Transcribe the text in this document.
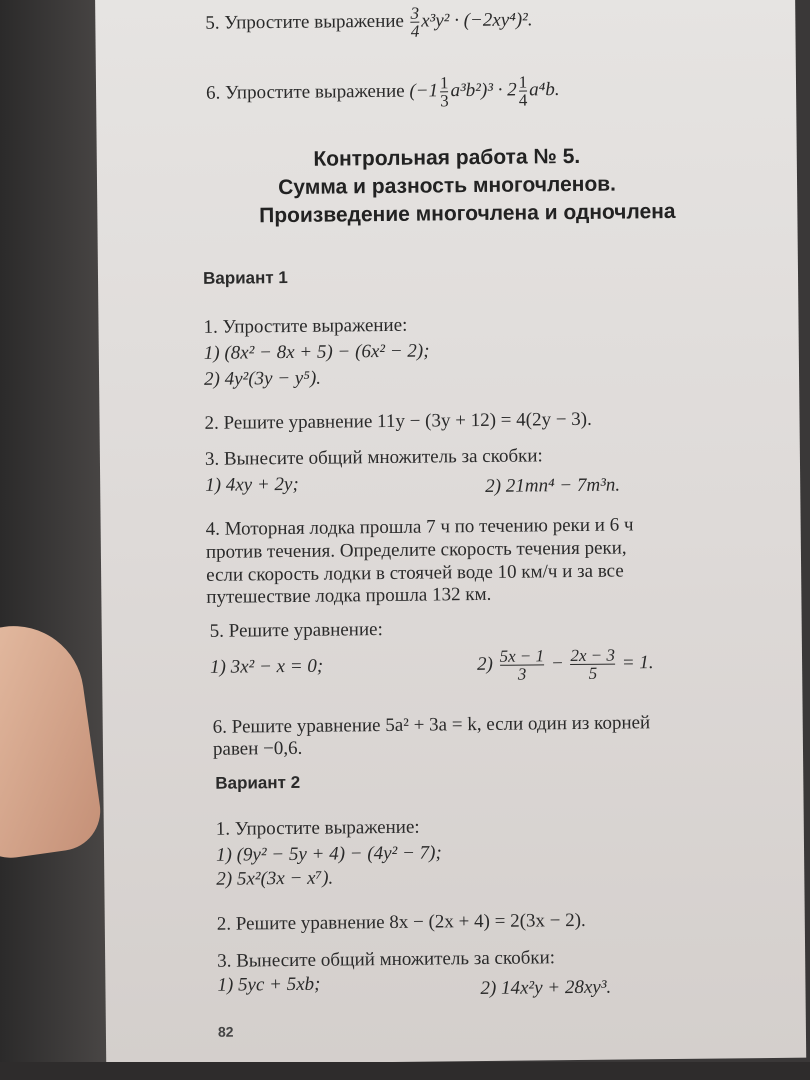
5. Упростите выражение $\frac{3}{4} x^3y^2 \cdot (-2xy^4)^2$.
6. Упростите выражение $(-1 \frac{1}{3} a^3b^2)^3 \cdot 2 \frac{1}{4} a^4b$.
Контрольная работа № 5.
Сумма и разность многочленов.
Произведение многочлена и одночлена
Вариант 1
1. Упростите выражение:
1) (8x² − 8x + 5) − (6x² − 2);
2) 4y²(3y − y⁵).
2. Решите уравнение 11y − (3y + 12) = 4(2y − 3).
3. Вынесите общий множитель за скобки:
1) 4xy + 2y;	2) 21mn⁴ − 7m³n.
4. Моторная лодка прошла 7 ч по течению реки и 6 ч
против течения. Определите скорость течения реки,
если скорость лодки в стоячей воде 10 км/ч и за все
путешествие лодка прошла 132 км.
5. Решите уравнение:
1) 3x² − x = 0;	$2) \frac{5x - 1}{3} - \frac{2x - 3}{5} = 1$.
6. Решите уравнение 5a² + 3a = k, если один из корней
равен −0,6.
Вариант 2
1. Упростите выражение:
1) (9y² − 5y + 4) − (4y² − 7);
2) 5x²(3x − x⁷).
2. Решите уравнение 8x − (2x + 4) = 2(3x − 2).
3. Вынесите общий множитель за скобки:
1) 5yc + 5xb;	2) 14x²y + 28xy³.
82
